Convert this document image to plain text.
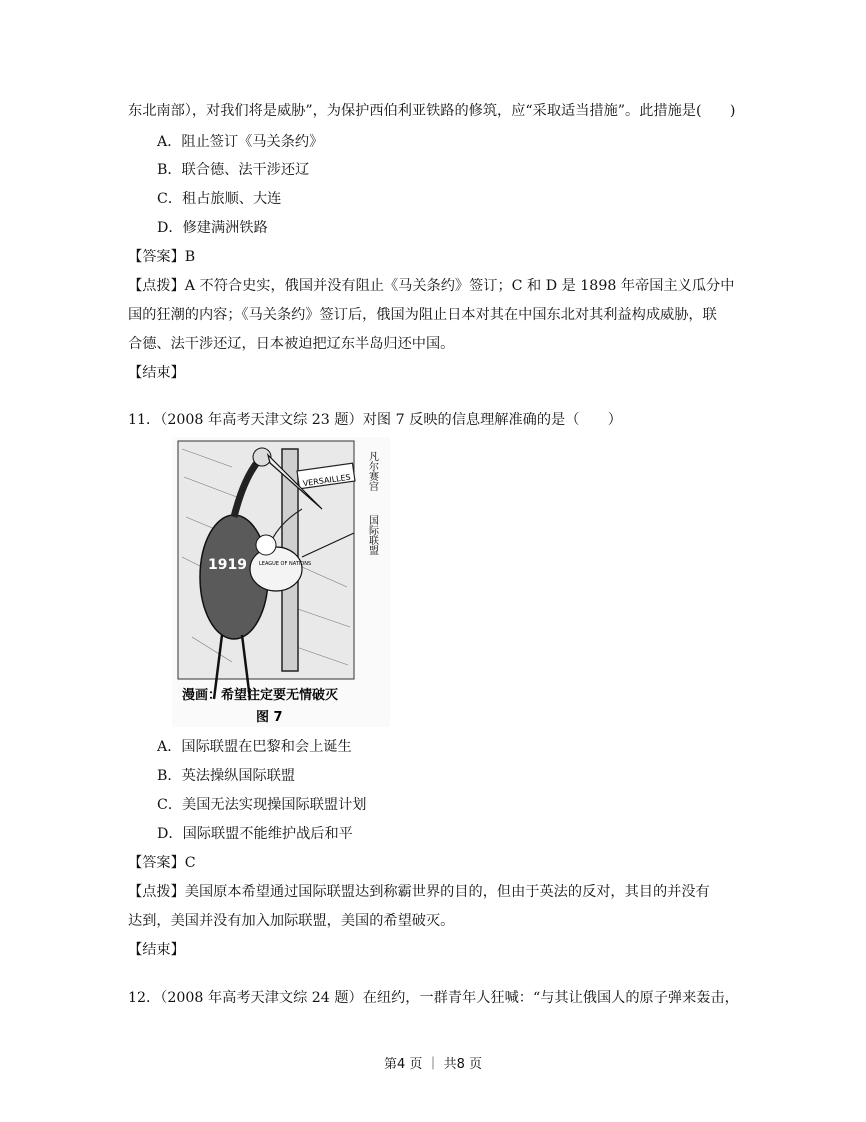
东北南部），对我们将是威胁”，为保护西伯利亚铁路的修筑，应“采取适当措施”。此措施是(　　)
A．阻止签订《马关条约》
B．联合德、法干涉还辽
C．租占旅顺、大连
D．修建满洲铁路
【答案】B
【点拨】A 不符合史实，俄国并没有阻止《马关条约》签订；C 和 D 是 1898 年帝国主义瓜分中
国的狂潮的内容；《马关条约》签订后，俄国为阻止日本对其在中国东北对其利益构成威胁，联
合德、法干涉还辽，日本被迫把辽东半岛归还中国。
【结束】
11．（2008 年高考天津文综 23 题）对图 7 反映的信息理解准确的是（　　）
VERSAILLES
1919 LEAGUE OF NATIONS
凡尔赛宫
国际联盟
漫画：希望注定要无情破灭
图 7
A．国际联盟在巴黎和会上诞生
B．英法操纵国际联盟
C．美国无法实现操国际联盟计划
D．国际联盟不能维护战后和平
【答案】C
【点拨】美国原本希望通过国际联盟达到称霸世界的目的，但由于英法的反对，其目的并没有
达到，美国并没有加入加际联盟，美国的希望破灭。
【结束】
12．（2008 年高考天津文综 24 题）在纽约，一群青年人狂喊：“与其让俄国人的原子弹来轰击，
第4 页 ｜ 共8 页
